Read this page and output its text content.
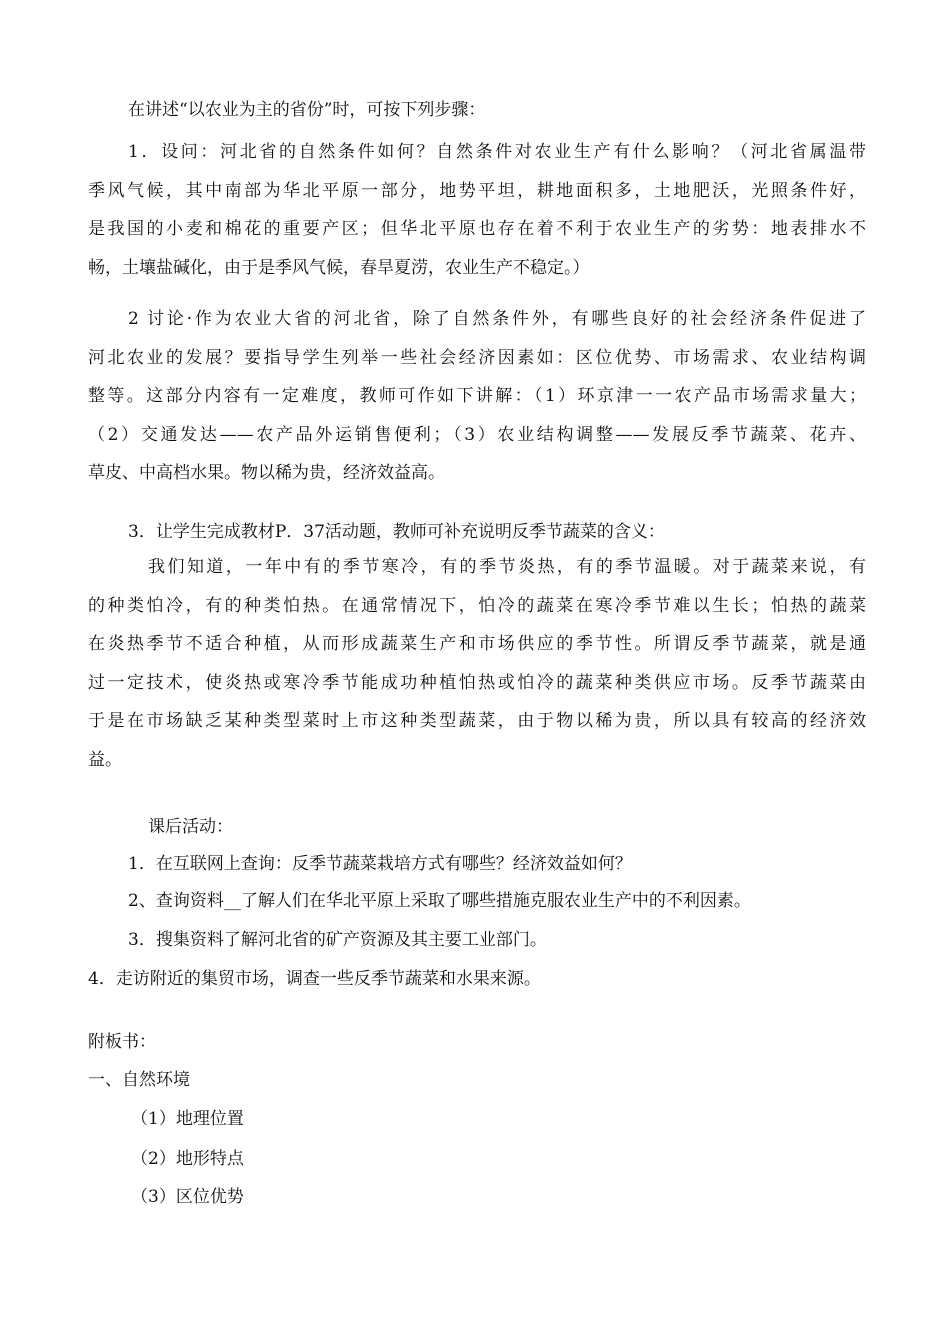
在讲述“以农业为主的省份”时，可按下列步骤：

1．设问：河北省的自然条件如何？自然条件对农业生产有什么影响？（河北省属温带
季风气候，其中南部为华北平原一部分，地势平坦，耕地面积多，土地肥沃，光照条件好，
是我国的小麦和棉花的重要产区；但华北平原也存在着不利于农业生产的劣势：地表排水不
畅，土壤盐碱化，由于是季风气候，春旱夏涝，农业生产不稳定。）
2 讨论·作为农业大省的河北省，除了自然条件外，有哪些良好的社会经济条件促进了
河北农业的发展？要指导学生列举一些社会经济因素如：区位优势、市场需求、农业结构调
整等。这部分内容有一定难度，教师可作如下讲解：（1）环京津一一农产品市场需求量大；
（2）交通发达——农产品外运销售便利；（3）农业结构调整——发展反季节蔬菜、花卉、
草皮、中高档水果。物以稀为贵，经济效益高。

3．让学生完成教材P．37活动题，教师可补充说明反季节蔬菜的含义：

我们知道，一年中有的季节寒冷，有的季节炎热，有的季节温暖。对于蔬菜来说，有
的种类怕冷，有的种类怕热。在通常情况下，怕冷的蔬菜在寒冷季节难以生长；怕热的蔬菜
在炎热季节不适合种植，从而形成蔬菜生产和市场供应的季节性。所谓反季节蔬菜，就是通
过一定技术，使炎热或寒冷季节能成功种植怕热或怕冷的蔬菜种类供应市场。反季节蔬菜由
于是在市场缺乏某种类型菜时上市这种类型蔬菜，由于物以稀为贵，所以具有较高的经济效
益。

课后活动：

1．在互联网上查询：反季节蔬菜栽培方式有哪些？经济效益如何？

2、查询资料__了解人们在华北平原上采取了哪些措施克服农业生产中的不利因素。

3．搜集资料了解河北省的矿产资源及其主要工业部门。

4．走访附近的集贸市场，调查一些反季节蔬菜和水果来源。

附板书：

一、自然环境

（1）地理位置

（2）地形特点

（3）区位优势
